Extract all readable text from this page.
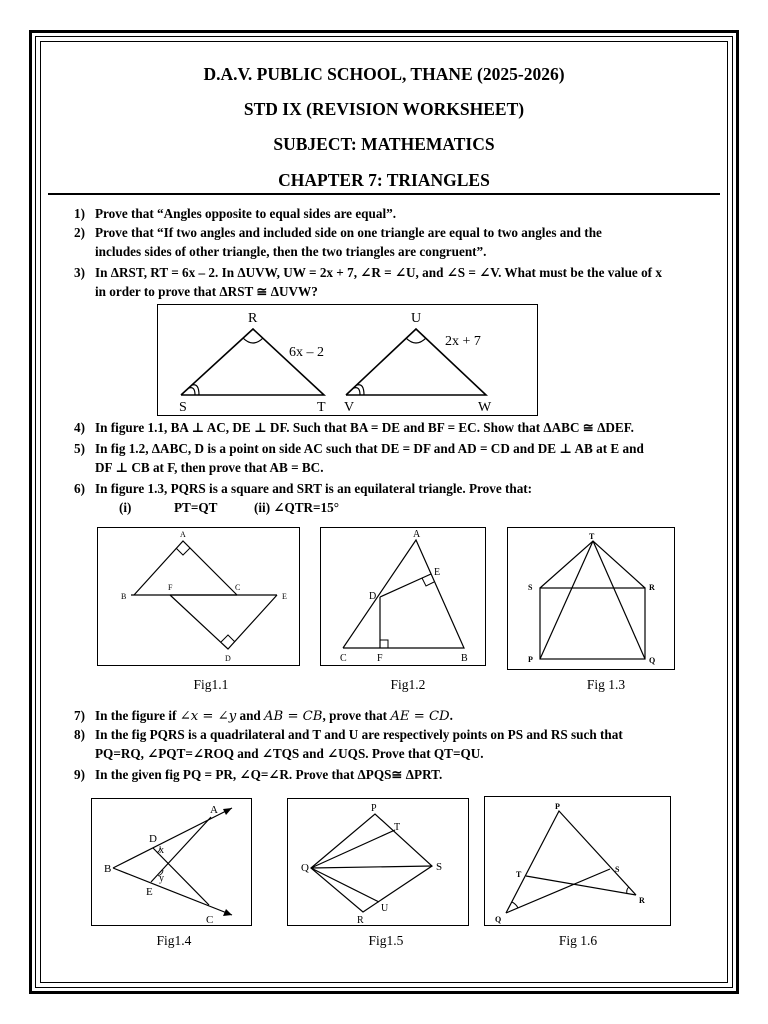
D.A.V. PUBLIC SCHOOL, THANE (2025-2026)
STD IX (REVISION WORKSHEET)
SUBJECT: MATHEMATICS
CHAPTER 7: TRIANGLES
1) Prove that “Angles opposite to equal sides are equal”.
2) Prove that “If two angles and included side on one triangle are equal to two angles and the
includes sides of other triangle, then the two triangles are congruent”.
3) In ΔRST, RT = 6x – 2. In ΔUVW, UW = 2x + 7, ∠R = ∠U, and ∠S = ∠V. What must be the value of x
in order to prove that ΔRST ≅ ΔUVW?
R
S	T
6x – 2
U
V	W
2x + 7
4) In figure 1.1, BA ⊥ AC, DE ⊥ DF. Such that BA = DE and BF = EC. Show that ΔABC ≅ ΔDEF.
5) In fig 1.2, ΔABC, D is a point on side AC such that DE = DF and AD = CD and DE ⊥ AB at E and
DF ⊥ CB at F, then prove that AB = BC.
6) In figure 1.3, PQRS is a square and SRT is an equilateral triangle. Prove that:
(i)	PT=QT	(ii) ∠QTR=15°
A
B
F	C
E
D
Fig1.1
A
E
D
C	F	B
Fig1.2
T
S	R
P	Q
Fig 1.3
7) In the figure if ∠x = ∠y and AB = CB, prove that AE = CD.
8) In the fig PQRS is a quadrilateral and T and U are respectively points on PS and RS such that
PQ=RQ, ∠PQT=∠ROQ and ∠TQS and ∠UQS. Prove that QT=QU.
9) In the given fig PQ = PR, ∠Q=∠R. Prove that ΔPQS≅ ΔPRT.
A
D
x
B
E
y
C
Fig1.4
P
T
Q	S
U
R
Fig1.5
P
T
S
R
Q
Fig 1.6
